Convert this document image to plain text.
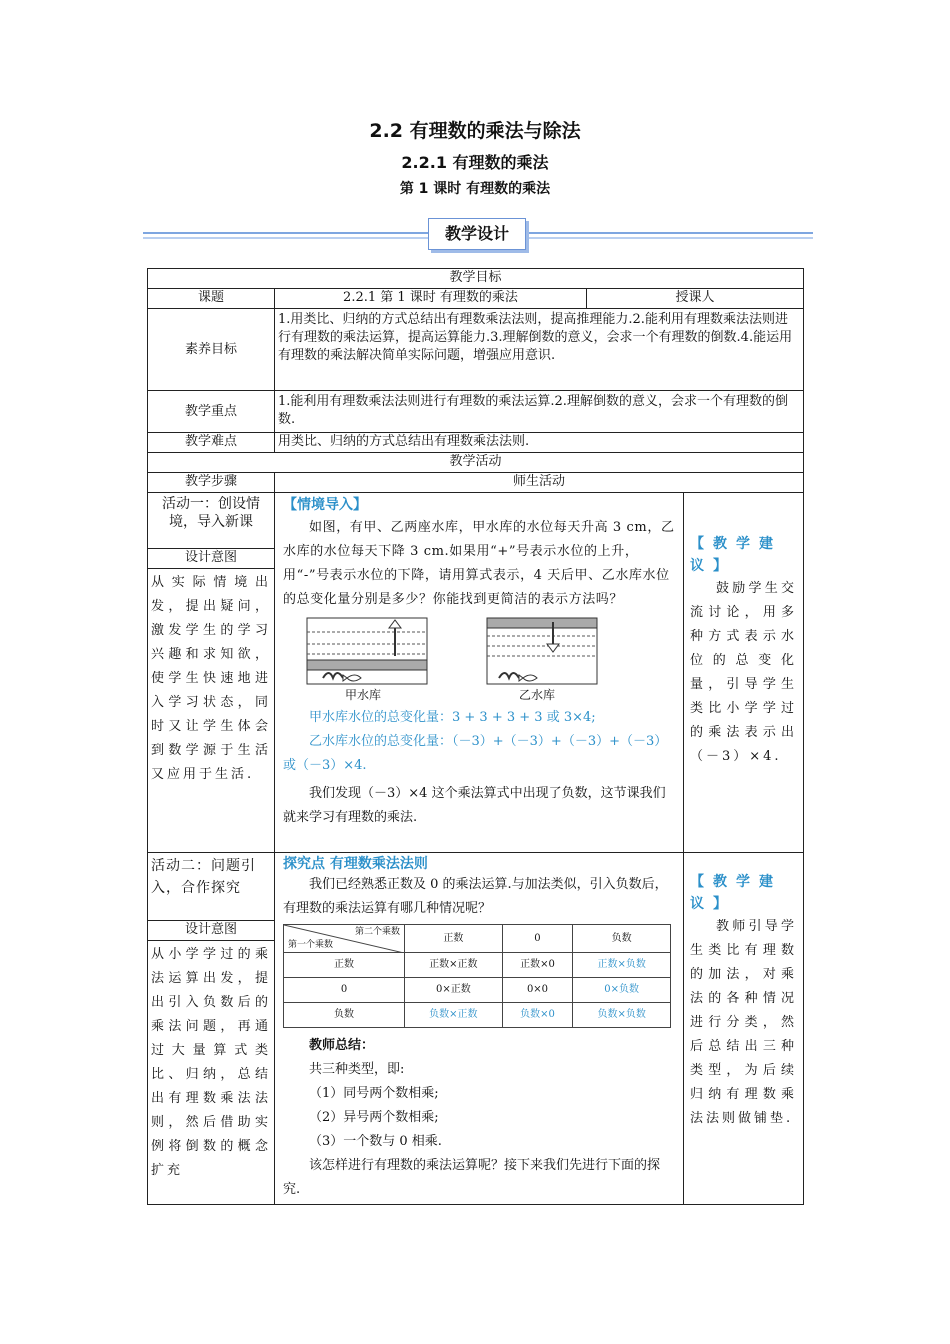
2.2 有理数的乘法与除法
2.2.1 有理数的乘法
第 1 课时 有理数的乘法
教学设计
教学目标
课题	2.2.1 第 1 课时 有理数的乘法	授课人
素养目标	1.用类比、归纳的方式总结出有理数乘法法则，提高推理能力.2.能利用有理数乘法法则进行有理数的乘法运算，提高运算能力.3.理解倒数的意义，会求一个有理数的倒数.4.能运用有理数的乘法解决简单实际问题，增强应用意识.
教学重点	1.能利用有理数乘法法则进行有理数的乘法运算.2.理解倒数的意义，会求一个有理数的倒数.
教学难点	用类比、归纳的方式总结出有理数乘法法则.
教学活动
教学步骤	师生活动
活动一：创设情境，导入新课	
【情境导入】
如图，有甲、乙两座水库，甲水库的水位每天升高 3 cm，乙水库的水位每天下降 3 cm.如果用“+”号表示水位的上升，用“-”号表示水位的下降，请用算式表示，4 天后甲、乙水库水位的总变化量分别是多少？你能找到更简洁的表示方法吗？
甲水库	乙水库
甲水库水位的总变化量：3 + 3 + 3 + 3 或 3×4;
乙水库水位的总变化量：（－3）+（－3）+（－3）+（－3）或（－3）×4.
我们发现（－3）×4 这个乘法算式中出现了负数，这节课我们就来学习有理数的乘法.

【教学建议】
鼓励学生交流讨论，用多种方式表示水位的总变化量，引导学生类比小学学过的乘法表示出（－3）×4.

设计意图
从实际情境出发，提出疑问，激发学生的学习兴趣和求知欲，使学生快速地进入学习状态，同时又让学生体会到数学源于生活又应用于生活.
活动二：问题引入，合作探究	
探究点 有理数乘法法则
我们已经熟悉正数及 0 的乘法运算.与加法类似，引入负数后，有理数的乘法运算有哪几种情况呢？
第二个乘数
第一个乘数
	正数	0	负数
正数	正数×正数	正数×0	正数×负数
0	0×正数	0×0	0×负数
负数	负数×正数	负数×0	负数×负数
教师总结：
共三种类型，即:
（1）同号两个数相乘;
（2）异号两个数相乘;
（3）一个数与 0 相乘.
该怎样进行有理数的乘法运算呢？接下来我们先进行下面的探究.

【教学建议】
教师引导学生类比有理数的加法，对乘法的各种情况进行分类，然后总结出三种类型，为后续归纳有理数乘法法则做铺垫.

设计意图
从小学学过的乘法运算出发，提出引入负数后的乘法问题，再通过大量算式类比、归纳，总结出有理数乘法法则，然后借助实例将倒数的概念扩充
